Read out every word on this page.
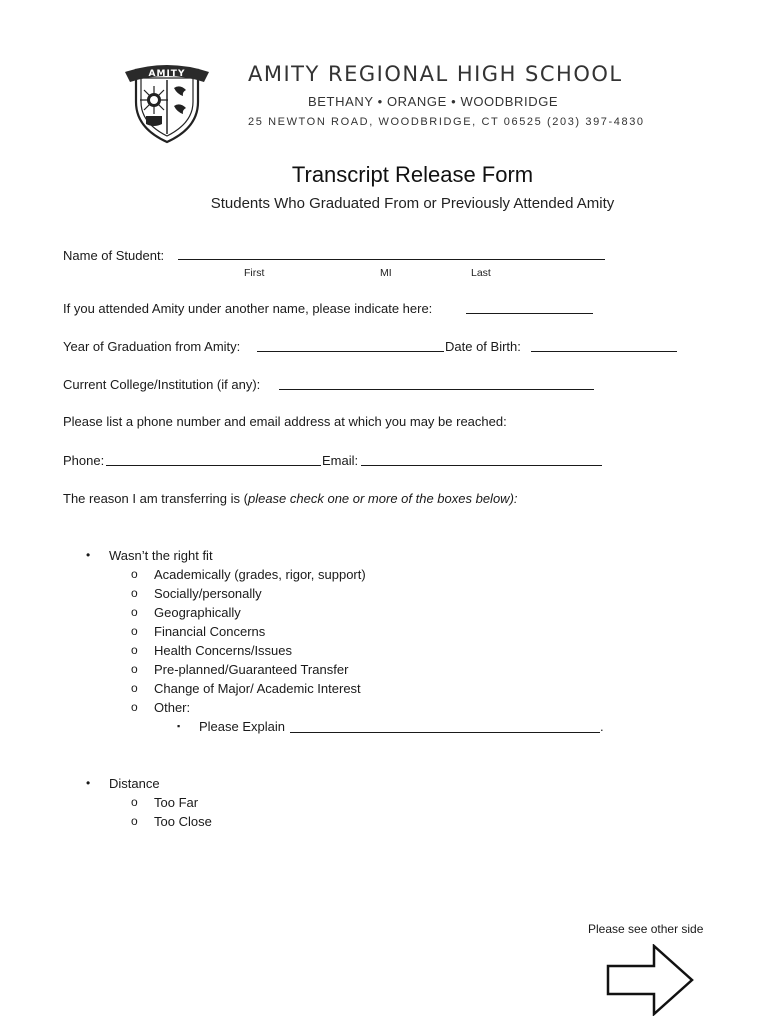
AMITY	AMITY REGIONAL HIGH SCHOOL
BETHANY • ORANGE • WOODBRIDGE
25 NEWTON ROAD, WOODBRIDGE, CT 06525 (203) 397-4830
Transcript Release Form
Students Who Graduated From or Previously Attended Amity
Name of Student:
First	MI	Last
If you attended Amity under another name, please indicate here:
Year of Graduation from Amity:	Date of Birth:
Current College/Institution (if any):
Please list a phone number and email address at which you may be reached:
Phone:	Email:
The reason I am transferring is (please check one or more of the boxes below):
• Wasn’t the right fit
o Academically (grades, rigor, support)
o Socially/personally
o Geographically
o Financial Concerns
o Health Concerns/Issues
o Pre-planned/Guaranteed Transfer
o Change of Major/ Academic Interest
o Other:
▪ Please Explain	.
• Distance
o Too Far
o Too Close
Please see other side
